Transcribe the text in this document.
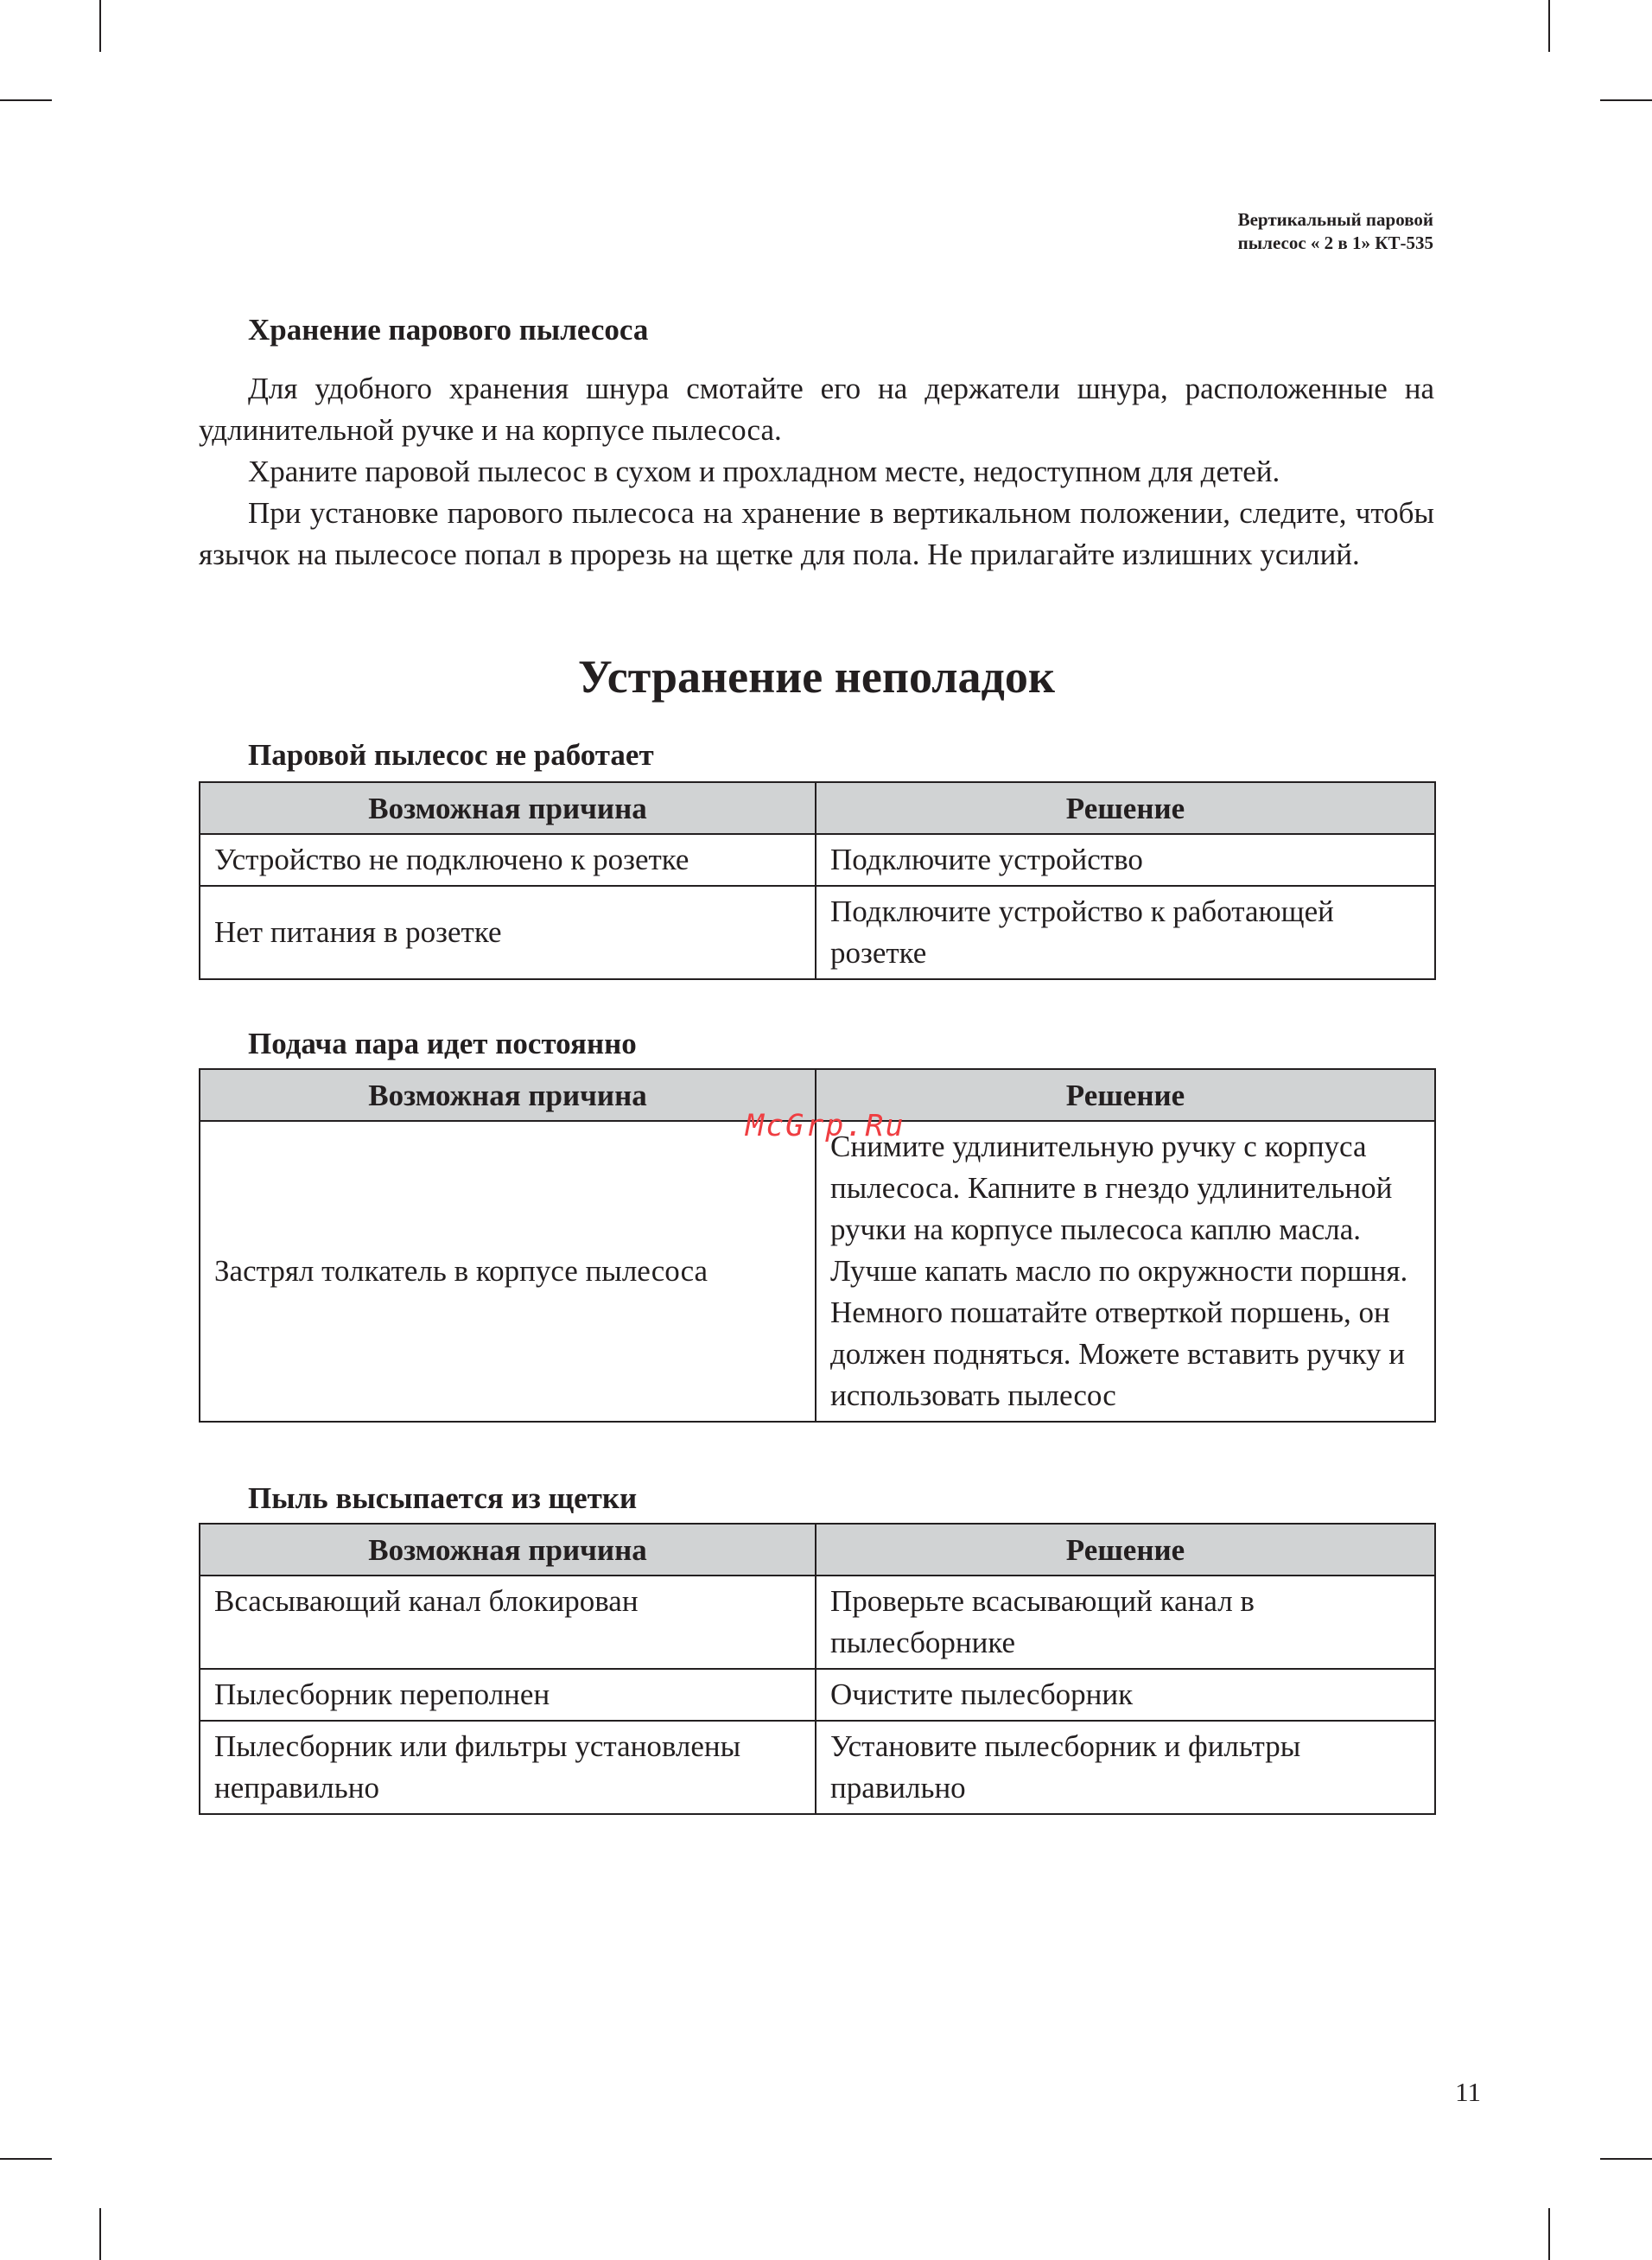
Вертикальный паровой
пылесос « 2 в 1» КТ-535

Хранение парового пылесоса

Для удобного хранения шнура смотайте его на держатели шнура, расположенные на удлинительной ручке и на корпусе пылесоса.

Храните паровой пылесос в сухом и прохладном месте, недоступном для детей.

При установке парового пылесоса на хранение в вертикальном положении, следите, чтобы язычок на пылесосе попал в прорезь на щетке для пола. Не прилагайте излишних усилий.

Устранение неполадок

Паровой пылесос не работает

Возможная причина	Решение
Устройство не подключено к розетке	Подключите устройство
Нет питания в розетке	Подключите устройство к работающей розетке

Подача пара идет постоянно

Возможная причина	Решение
Застрял толкатель в корпусе пылесоса	Снимите удлинительную ручку с корпуса пылесоса. Капните в гнездо удлинительной ручки на корпусе пылесоса каплю масла. Лучше капать масло по окружности поршня. Немного пошатайте отверткой поршень, он должен подняться. Можете вставить ручку и использовать пылесос

Пыль высыпается из щетки

Возможная причина	Решение
Всасывающий канал блокирован	Проверьте всасывающий канал в пылесборнике
Пылесборник переполнен	Очистите пылесборник
Пылесборник или фильтры установлены неправильно	Установите пылесборник и фильтры правильно
McGrp.Ru
11
